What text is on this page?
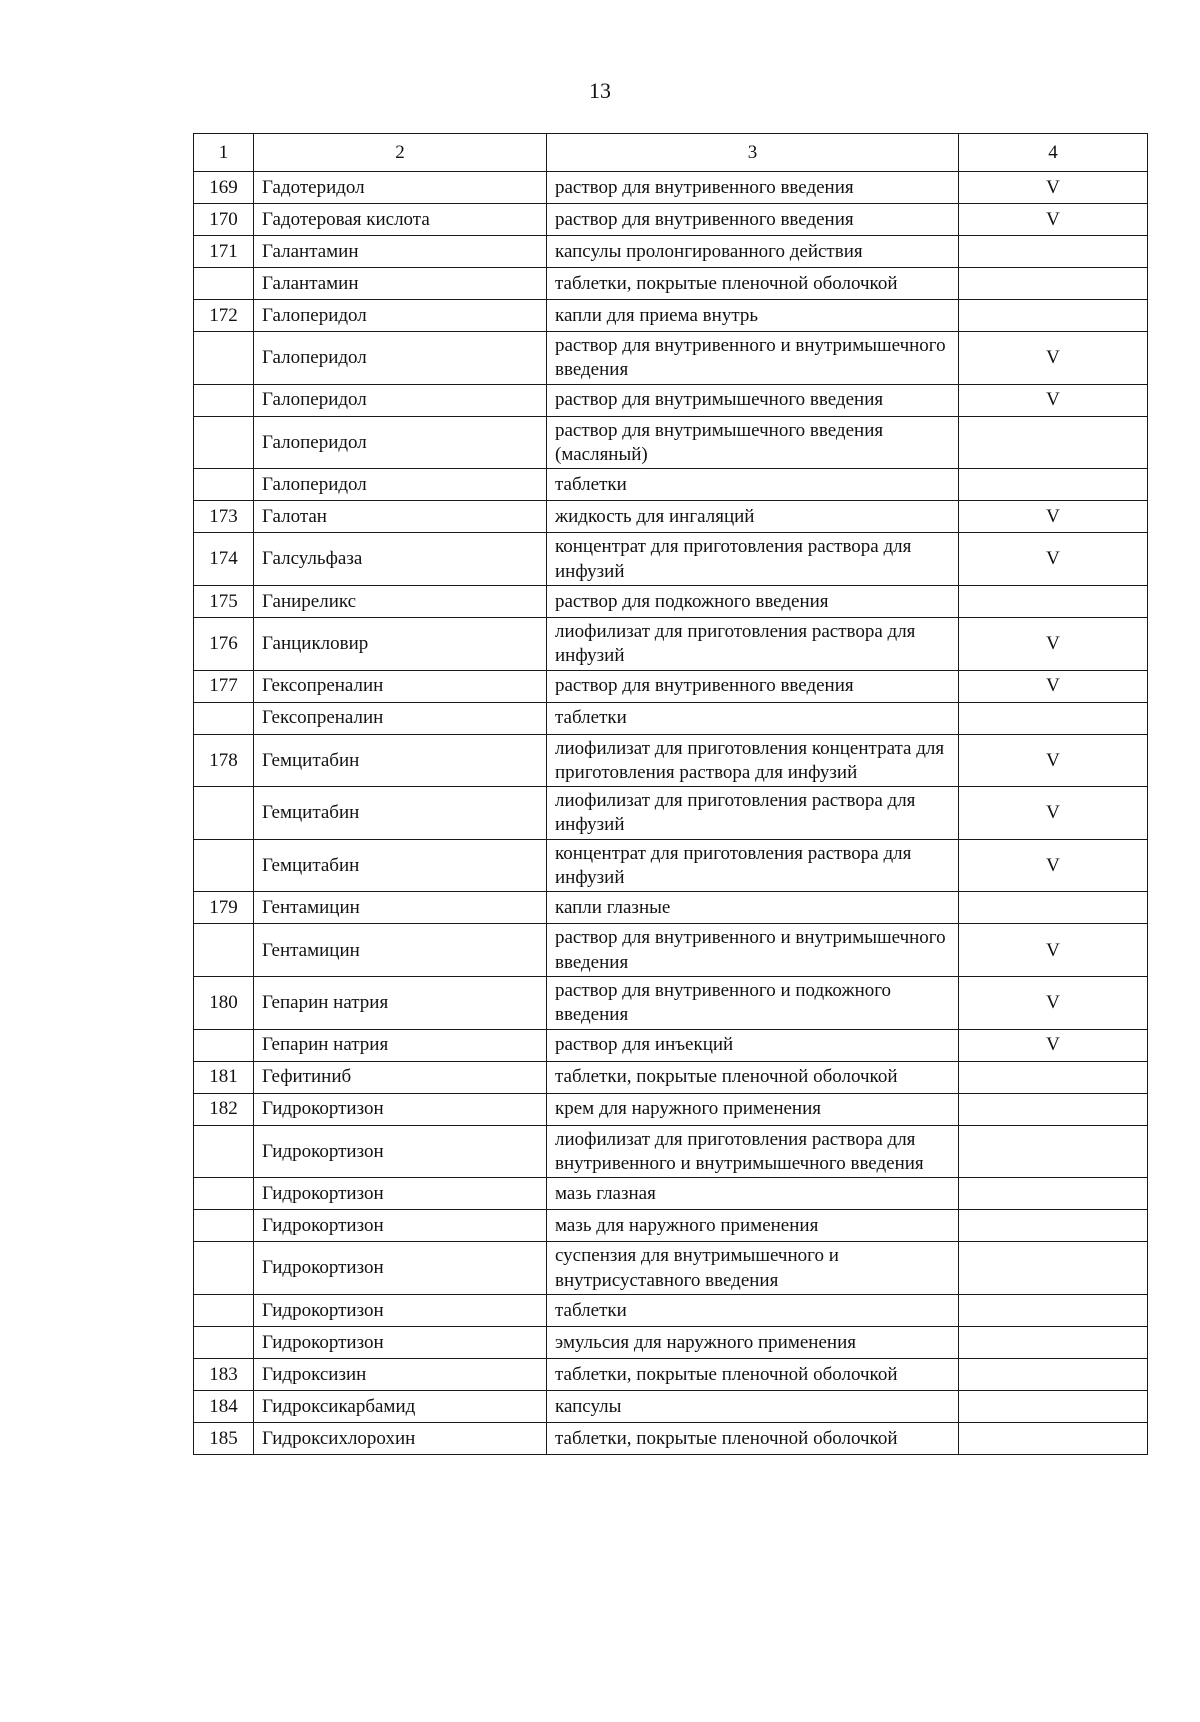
13
1	2	3	4
169	Гадотеридол	раствор для внутривенного введения	V
170	Гадотеровая кислота	раствор для внутривенного введения	V
171	Галантамин	капсулы пролонгированного действия	
	Галантамин	таблетки, покрытые пленочной оболочкой	
172	Галоперидол	капли для приема внутрь	
	Галоперидол	раствор для внутривенного и внутримышечного введения	V
	Галоперидол	раствор для внутримышечного введения	V
	Галоперидол	раствор для внутримышечного введения (масляный)	
	Галоперидол	таблетки	
173	Галотан	жидкость для ингаляций	V
174	Галсульфаза	концентрат для приготовления раствора для инфузий	V
175	Ганиреликс	раствор для подкожного введения	
176	Ганцикловир	лиофилизат для приготовления раствора для инфузий	V
177	Гексопреналин	раствор для внутривенного введения	V
	Гексопреналин	таблетки	
178	Гемцитабин	лиофилизат для приготовления концентрата для приготовления раствора для инфузий	V
	Гемцитабин	лиофилизат для приготовления раствора для инфузий	V
	Гемцитабин	концентрат для приготовления раствора для инфузий	V
179	Гентамицин	капли глазные	
	Гентамицин	раствор для внутривенного и внутримышечного введения	V
180	Гепарин натрия	раствор для внутривенного и подкожного введения	V
	Гепарин натрия	раствор для инъекций	V
181	Гефитиниб	таблетки, покрытые пленочной оболочкой	
182	Гидрокортизон	крем для наружного применения	
	Гидрокортизон	лиофилизат для приготовления раствора для внутривенного и внутримышечного введения	
	Гидрокортизон	мазь глазная	
	Гидрокортизон	мазь для наружного применения	
	Гидрокортизон	суспензия для внутримышечного и внутрисуставного введения	
	Гидрокортизон	таблетки	
	Гидрокортизон	эмульсия для наружного применения	
183	Гидроксизин	таблетки, покрытые пленочной оболочкой	
184	Гидроксикарбамид	капсулы	
185	Гидроксихлорохин	таблетки, покрытые пленочной оболочкой	
